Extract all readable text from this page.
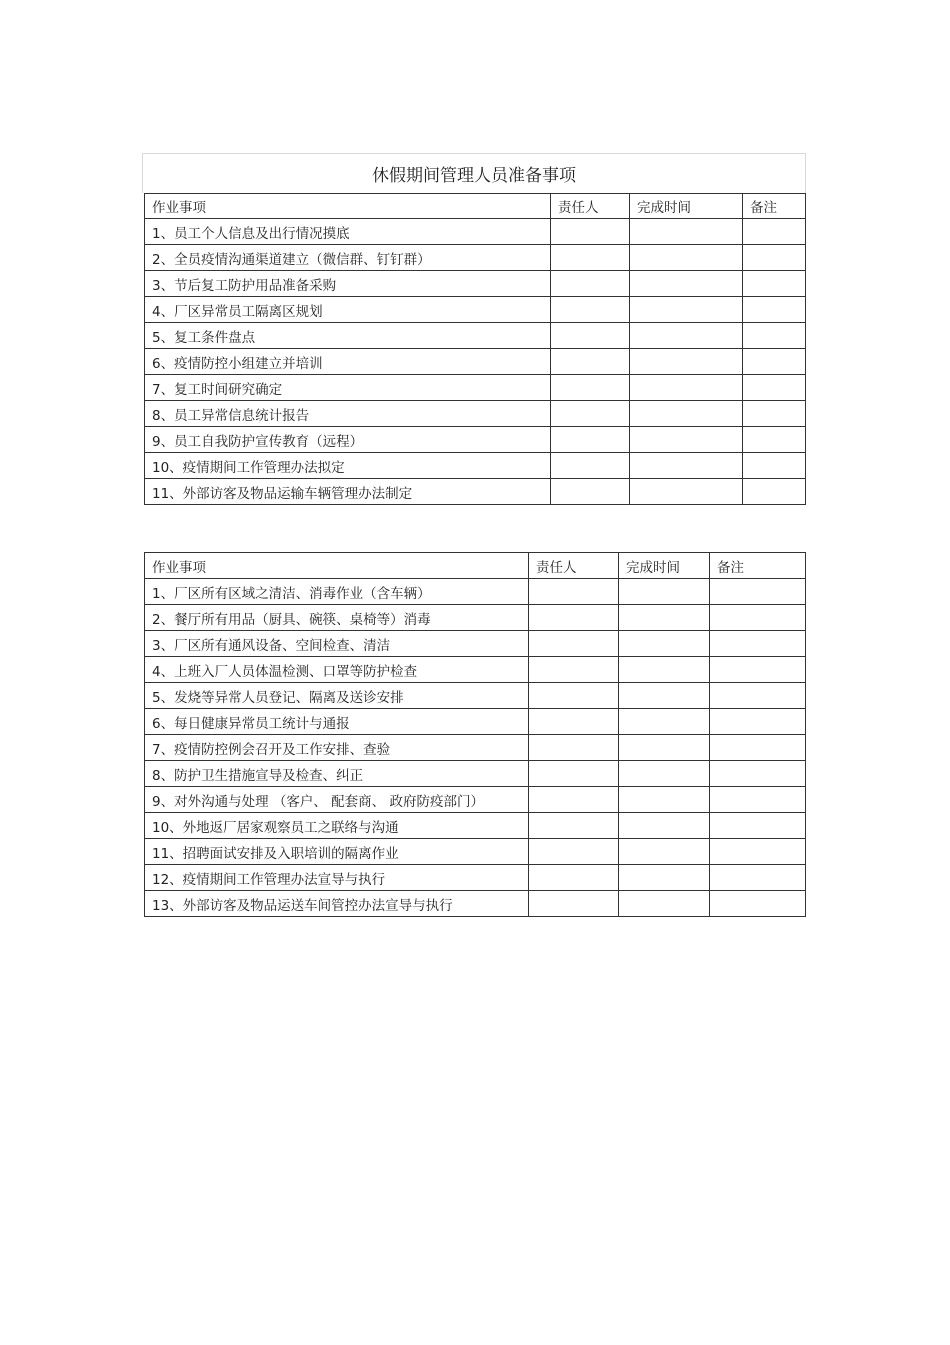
休假期间管理人员准备事项
作业事项	责任人	完成时间	备注
1、员工个人信息及出行情况摸底			
2、全员疫情沟通渠道建立（微信群、钉钉群）			
3、节后复工防护用品准备采购			
4、厂区异常员工隔离区规划			
5、复工条件盘点			
6、疫情防控小组建立并培训			
7、复工时间研究确定			
8、员工异常信息统计报告			
9、员工自我防护宣传教育（远程）			
10、疫情期间工作管理办法拟定			
11、外部访客及物品运输车辆管理办法制定			
作业事项	责任人	完成时间	备注
1、厂区所有区域之清洁、消毒作业（含车辆）			
2、餐厅所有用品（厨具、碗筷、桌椅等）消毒			
3、厂区所有通风设备、空间检查、清洁			
4、上班入厂人员体温检测、口罩等防护检查			
5、发烧等异常人员登记、隔离及送诊安排			
6、每日健康异常员工统计与通报			
7、疫情防控例会召开及工作安排、查验			
8、防护卫生措施宣导及检查、纠正			
9、对外沟通与处理 （客户、 配套商、 政府防疫部门）			
10、外地返厂居家观察员工之联络与沟通			
11、招聘面试安排及入职培训的隔离作业			
12、疫情期间工作管理办法宣导与执行			
13、外部访客及物品运送车间管控办法宣导与执行			
